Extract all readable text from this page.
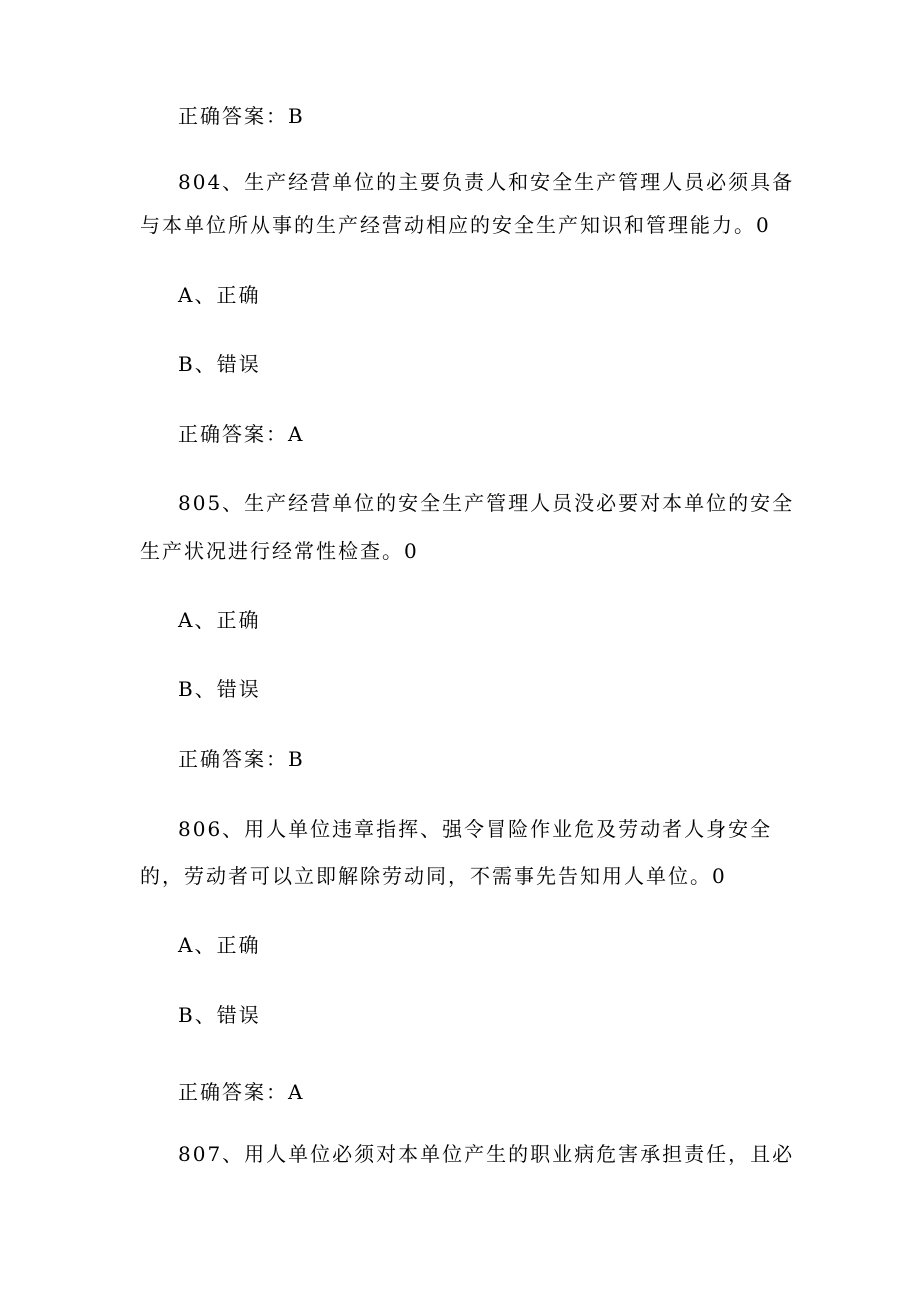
正确答案：B
804、生产经营单位的主要负责人和安全生产管理人员必须具备
与本单位所从事的生产经营动相应的安全生产知识和管理能力。0
A、正确
B、错误
正确答案：A
805、生产经营单位的安全生产管理人员没必要对本单位的安全
生产状况进行经常性检查。0
A、正确
B、错误
正确答案：B
806、用人单位违章指挥、强令冒险作业危及劳动者人身安全
的，劳动者可以立即解除劳动同，不需事先告知用人单位。0
A、正确
B、错误
正确答案：A
807、用人单位必须对本单位产生的职业病危害承担责任，且必
